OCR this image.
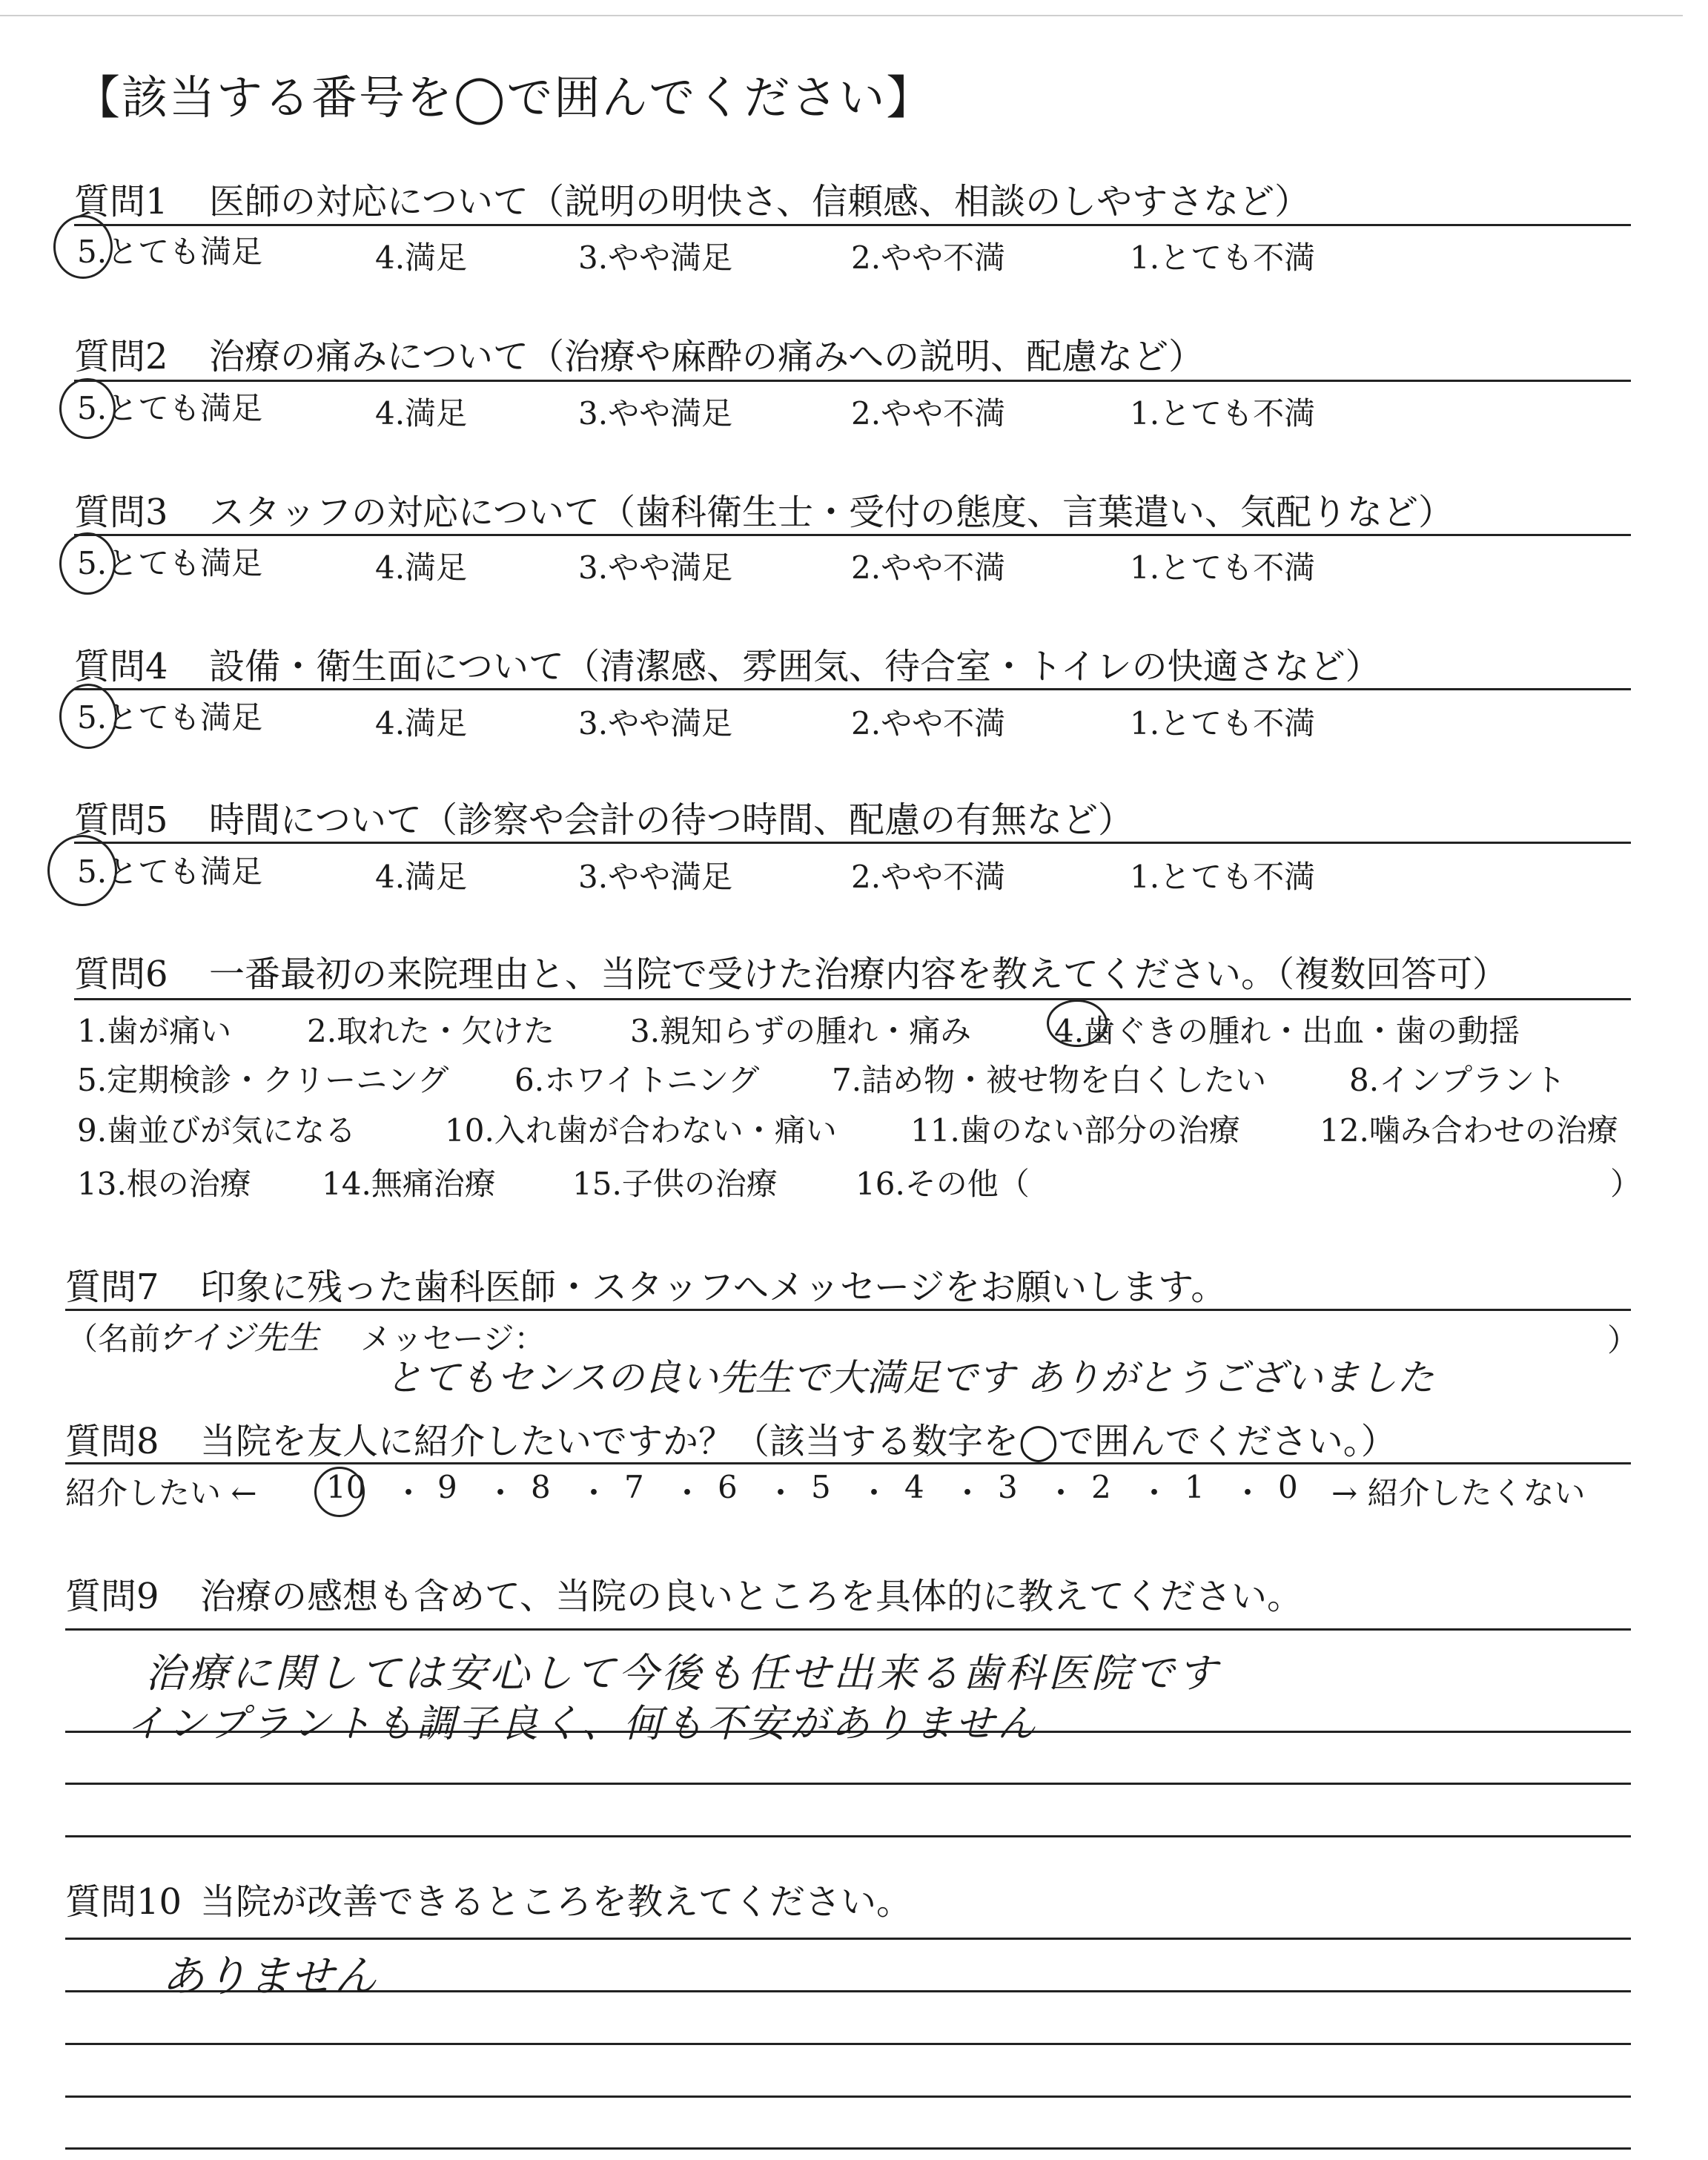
【該当する番号を◯で囲んでください】
質問1 医師の対応について（説明の明快さ、信頼感、相談のしやすさなど）
5.とても満足	4.満足	3.やや満足	2.やや不満	1.とても不満
質問2 治療の痛みについて（治療や麻酔の痛みへの説明、配慮など）
5.とても満足	4.満足	3.やや満足	2.やや不満	1.とても不満
質問3 スタッフの対応について（歯科衛生士・受付の態度、言葉遣い、気配りなど）
5.とても満足	4.満足	3.やや満足	2.やや不満	1.とても不満
質問4 設備・衛生面について（清潔感、雰囲気、待合室・トイレの快適さなど）
5.とても満足	4.満足	3.やや満足	2.やや不満	1.とても不満
質問5 時間について（診察や会計の待つ時間、配慮の有無など）
5.とても満足	4.満足	3.やや満足	2.やや不満	1.とても不満
質問6 一番最初の来院理由と、当院で受けた治療内容を教えてください。（複数回答可）
1.歯が痛い 2.取れた・欠けた 3.親知らずの腫れ・痛み	4.歯ぐきの腫れ・出血・歯の動揺
5.定期検診・クリーニング 6.ホワイトニング 7.詰め物・被せ物を白くしたい	8.インプラント
9.歯並びが気になる	10.入れ歯が合わない・痛い 11.歯のない部分の治療	12.噛み合わせの治療
13.根の治療 14.無痛治療 15.子供の治療	16.その他（	）
質問7 印象に残った歯科医師・スタッフへメッセージをお願いします。
（名前：
ケイジ先生 メッセージ：	）
とてもセンスの良い先生で大満足です ありがとうございました
質問8 当院を友人に紹介したいですか？（該当する数字を◯で囲んでください。）
紹介したい ← 10 ・ 9 ・ 8 ・ 7 ・ 6 ・ 5 ・ 4 ・ 3 ・ 2 ・ 1 ・ 0 → 紹介したくない
質問9 治療の感想も含めて、当院の良いところを具体的に教えてください。
治療に関しては安心して今後も任せ出来る歯科医院です
インプラントも調子良く、何も不安がありません
質問10 当院が改善できるところを教えてください。
ありません
